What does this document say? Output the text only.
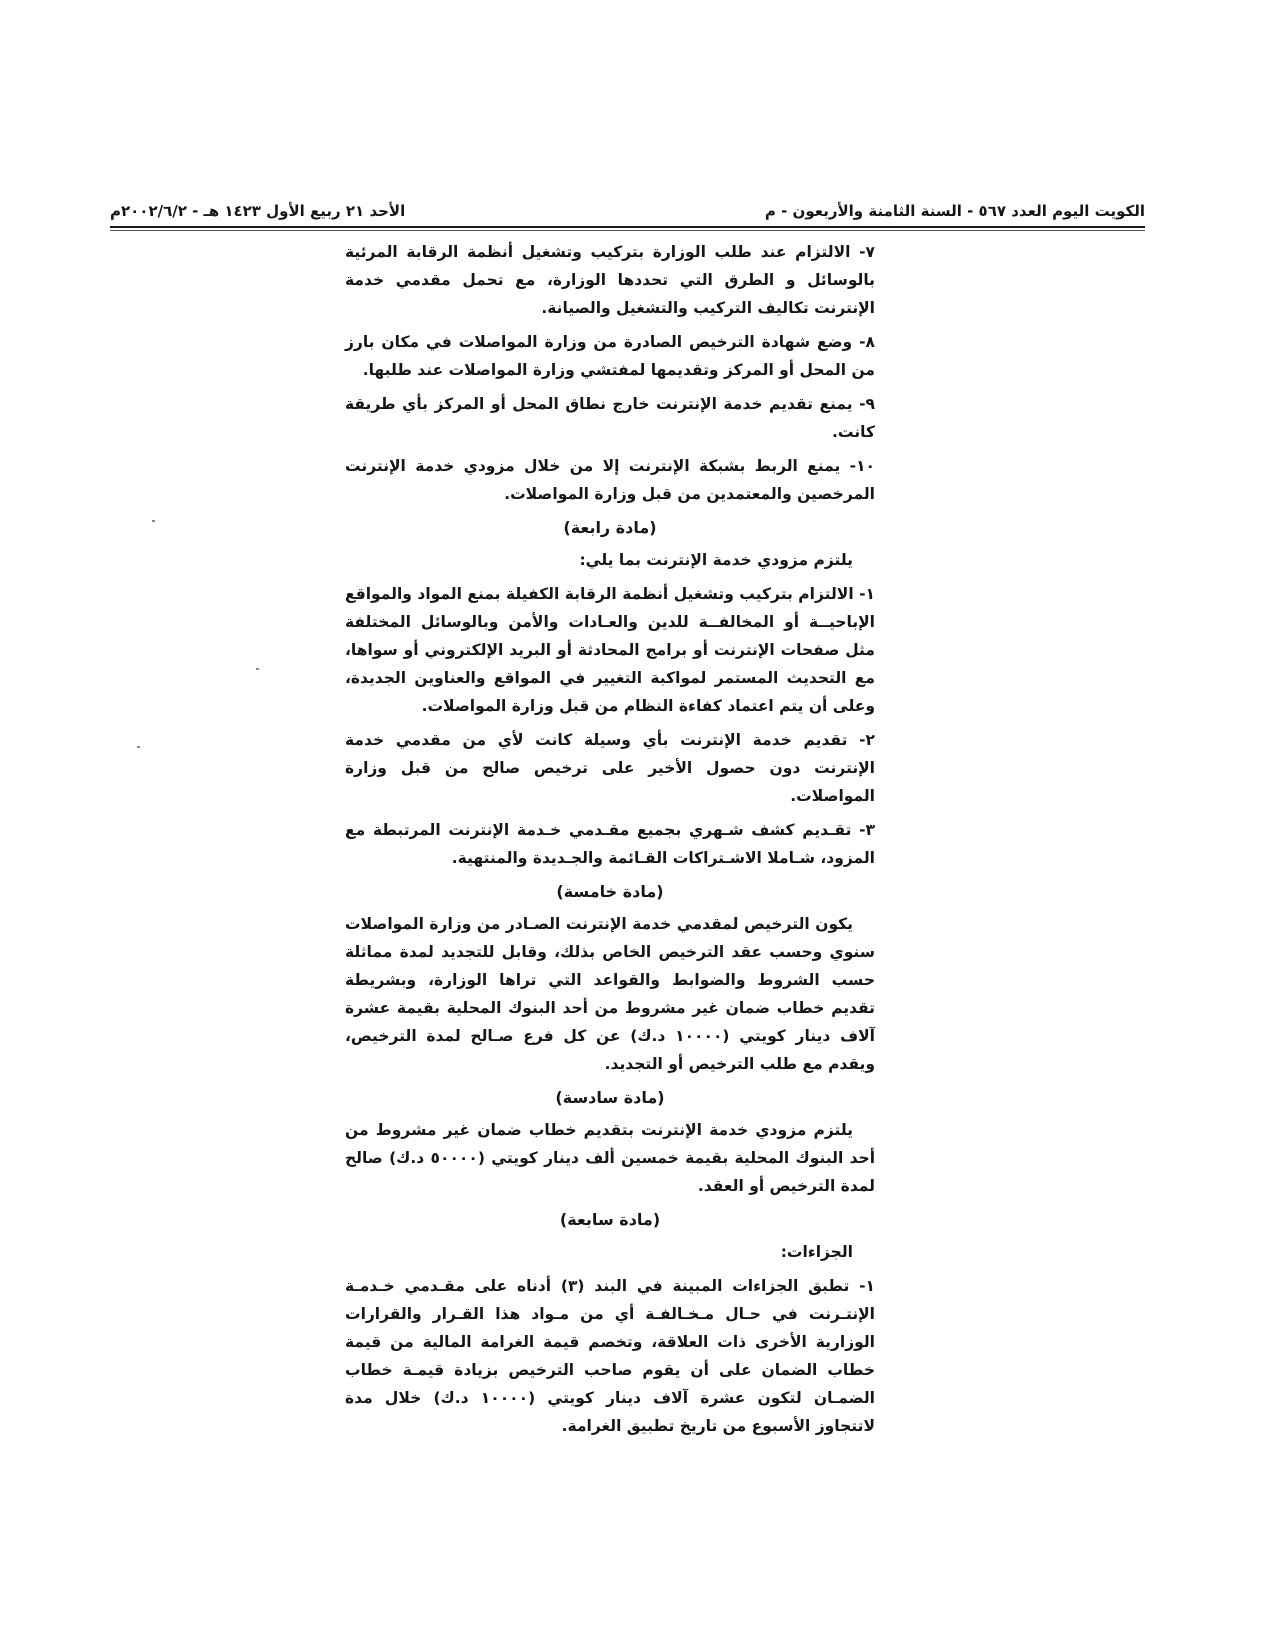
الكويت اليوم العدد ٥٦٧ - السنة الثامنة والأربعون - م
الأحد ٢١ ربيع الأول ١٤٢٣ هـ - ٢٠٠٢/٦/٢م

٧- الالتزام عند طلب الوزارة بتركيب وتشغيل أنظمة الرقابة المرئية بالوسائل و الطرق التي تحددها الوزارة، مع تحمل مقدمي خدمة الإنترنت تكاليف التركيب والتشغيل والصيانة.

٨- وضع شهادة الترخيص الصادرة من وزارة المواصلات في مكان بارز من المحل أو المركز وتقديمها لمفتشي وزارة المواصلات عند طلبها.

٩- يمنع تقديم خدمة الإنترنت خارج نطاق المحل أو المركز بأي طريقة كانت.

١٠- يمنع الربط بشبكة الإنترنت إلا من خلال مزودي خدمة الإنترنت المرخصين والمعتمدين من قبل وزارة المواصلات.

(مادة رابعة)

يلتزم مزودي خدمة الإنترنت بما يلي:

١- الالتزام بتركيب وتشغيل أنظمة الرقابة الكفيلة بمنع المواد والمواقع الإباحيــة أو المخالفــة للدين والعـادات والأمن وبالوسائل المختلفة مثل صفحات الإنترنت أو برامج المحادثة أو البريد الإلكتروني أو سواها، مع التحديث المستمر لمواكبة التغيير في المواقع والعناوين الجديدة، وعلى أن يتم اعتماد كفاءة النظام من قبل وزارة المواصلات.

٢- تقديم خدمة الإنترنت بأي وسيلة كانت لأي من مقدمي خدمة الإنترنت دون حصول الأخير على ترخيص صالح من قبل وزارة المواصلات.

٣- تقـديم كشف شـهري بجميع مقـدمي خـدمة الإنترنت المرتبطة مع المزود، شـاملا الاشـتراكات القـائمة والجـديدة والمنتهية.

(مادة خامسة)

يكون الترخيص لمقدمي خدمة الإنترنت الصـادر من وزارة المواصلات سنوي وحسب عقد الترخيص الخاص بذلك، وقابل للتجديد لمدة مماثلة حسب الشروط والضوابط والقواعد التي تراها الوزارة، وبشريطة تقديم خطاب ضمان غير مشروط من أحد البنوك المحلية بقيمة عشرة آلاف دينار كويتي (١٠٠٠٠ د.ك) عن كل فرع صـالح لمدة الترخيص، ويقدم مع طلب الترخيص أو التجديد.

(مادة سادسة)

يلتزم مزودي خدمة الإنترنت بتقديم خطاب ضمان غير مشروط من أحد البنوك المحلية بقيمة خمسين ألف دينار كويتي (٥٠٠٠٠ د.ك) صالح لمدة الترخيص أو العقد.

(مادة سابعة)

الجزاءات:

١- تطبق الجزاءات المبينة في البند (٣) أدناه على مقـدمي خـدمـة الإنتـرنت في حـال مـخـالفـة أي من مـواد هذا القـرار والقرارات الوزارية الأخرى ذات العلاقة، وتخصم قيمة الغرامة المالية من قيمة خطاب الضمان على أن يقوم صاحب الترخيص بزيادة قيمـة خطاب الضمـان لتكون عشرة آلاف دينار كويتي (١٠٠٠٠ د.ك) خلال مدة لاتتجاوز الأسبوع من تاريخ تطبيق الغرامة.
